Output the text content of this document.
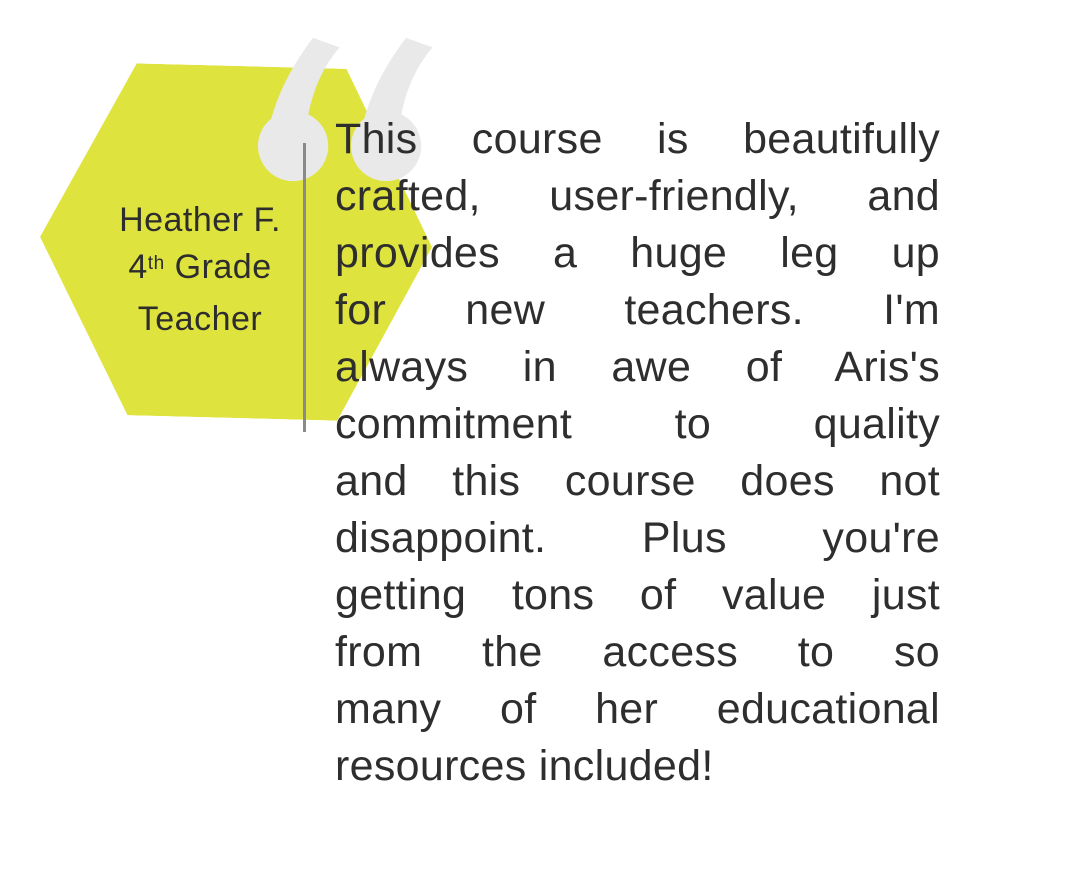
Heather F.
4th Grade
Teacher
This course is beautifully
crafted, user-friendly, and
provides a huge leg up
for new teachers. I'm
always in awe of Aris's
commitment to quality
and this course does not
disappoint. Plus you're
getting tons of value just
from the access to so
many of her educational
resources included!
